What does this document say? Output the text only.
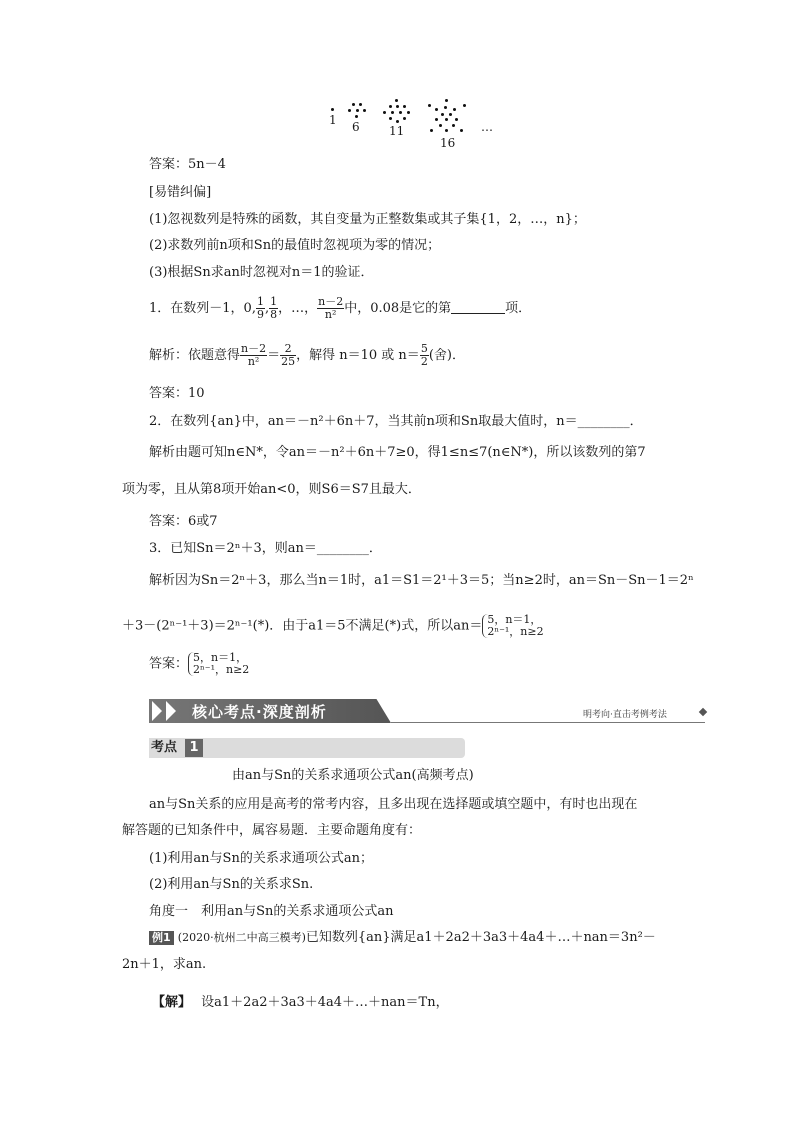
1 6 11
16
…
答案：5n－4
[易错纠偏]
(1)忽视数列是特殊的函数，其自变量为正整数集或其子集{1，2，…，n}；
(2)求数列前n项和Sn的最值时忽视项为零的情况；
(3)根据Sn求an时忽视对n＝1的验证．
1．在数列－1，0, $\frac{1}{9}$ , $\frac{1}{8}$ ，…， $\frac{n-2}{\text{n²}}$ 中，0.08是它的第	项．
解析：依题意得 $\frac{n-2}{\text{n²}} = \frac{2}{25}$ ，解得 n＝10 或 $n= \frac{5}{2}$ (舍)．
答案：10
2．在数列{an}中，an＝－n²＋6n＋7，当其前n项和Sn取最大值时，n＝________．
解析由题可知n∈N*，令an＝－n²＋6n＋7≥0，得1≤n≤7(n∈N*)，所以该数列的第7
项为零，且从第8项开始an<0，则S6＝S7且最大．
答案：6或7
3．已知Sn＝2ⁿ＋3，则an＝________．
解析因为Sn＝2ⁿ＋3，那么当n＝1时，a1＝S1＝2¹＋3＝5；当n≥2时，an＝Sn－Sn－1＝2ⁿ
＋3－(2ⁿ⁻¹＋3)＝2ⁿ⁻¹(*)．由于a1＝5不满足(*)式，所以an＝ 5，n＝1，
2ⁿ⁻¹，n≥2
答案： 5，n＝1，
2ⁿ⁻¹，n≥2
核心考点·深度剖析	明考向·直击考例考法
考点 1
由an与Sn的关系求通项公式an(高频考点)
an与Sn关系的应用是高考的常考内容，且多出现在选择题或填空题中，有时也出现在
解答题的已知条件中，属容易题．主要命题角度有：
(1)利用an与Sn的关系求通项公式an；
(2)利用an与Sn的关系求Sn.
角度一　利用an与Sn的关系求通项公式an
例1 (2020·杭州二中高三模考)已知数列{an}满足a1＋2a2＋3a3＋4a4＋…＋nan＝3n²－
2n＋1，求an.
【解】 设a1＋2a2＋3a3＋4a4＋…＋nan＝Tn，
